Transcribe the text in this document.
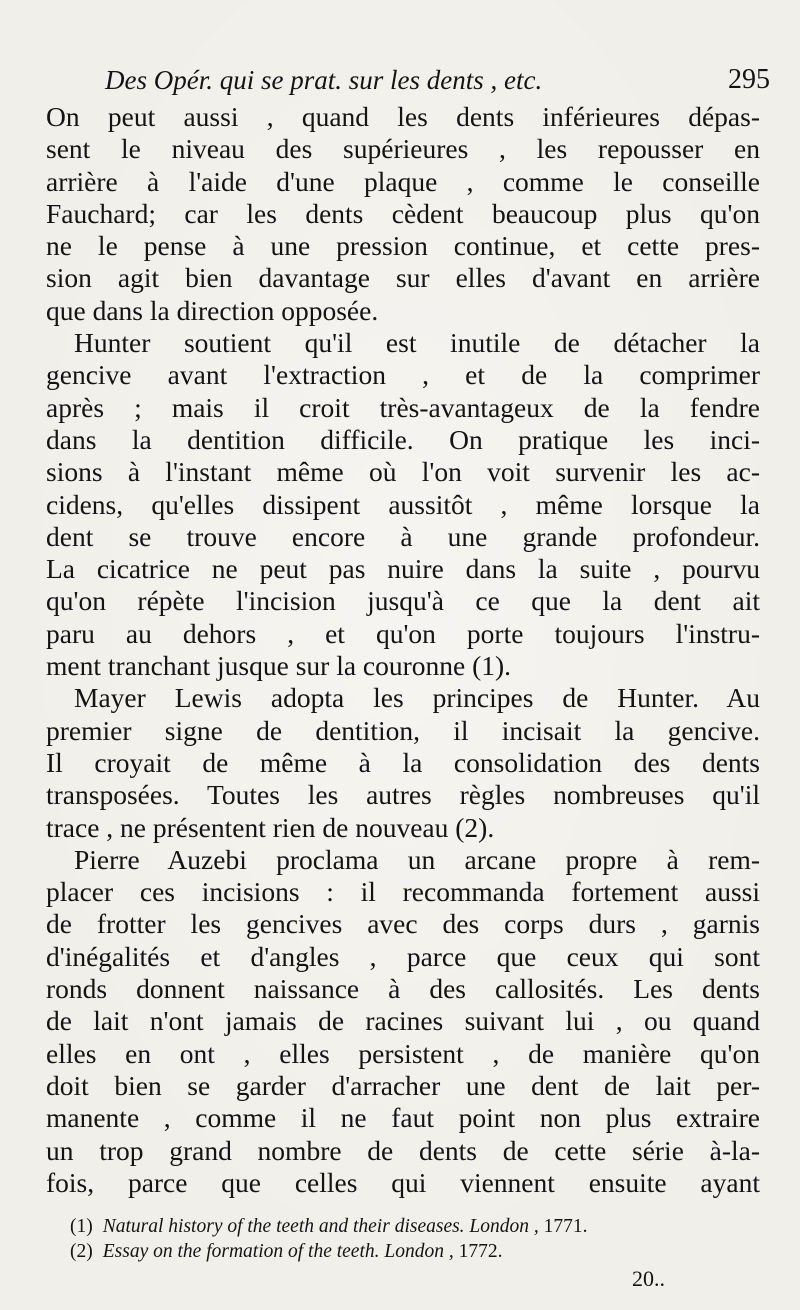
Des Opér. qui se prat. sur les dents , etc.	295
On peut aussi , quand les dents inférieures dépas-
sent le niveau des supérieures , les repousser en
arrière à l'aide d'une plaque , comme le conseille
Fauchard; car les dents cèdent beaucoup plus qu'on
ne le pense à une pression continue, et cette pres-
sion agit bien davantage sur elles d'avant en arrière
que dans la direction opposée.
Hunter soutient qu'il est inutile de détacher la
gencive avant l'extraction , et de la comprimer
après ; mais il croit très-avantageux de la fendre
dans la dentition difficile. On pratique les inci-
sions à l'instant même où l'on voit survenir les ac-
cidens, qu'elles dissipent aussitôt , même lorsque la
dent se trouve encore à une grande profondeur.
La cicatrice ne peut pas nuire dans la suite , pourvu
qu'on répète l'incision jusqu'à ce que la dent ait
paru au dehors , et qu'on porte toujours l'instru-
ment tranchant jusque sur la couronne (1).
Mayer Lewis adopta les principes de Hunter. Au
premier signe de dentition, il incisait la gencive.
Il croyait de même à la consolidation des dents
transposées. Toutes les autres règles nombreuses qu'il
trace , ne présentent rien de nouveau (2).
Pierre Auzebi proclama un arcane propre à rem-
placer ces incisions : il recommanda fortement aussi
de frotter les gencives avec des corps durs , garnis
d'inégalités et d'angles , parce que ceux qui sont
ronds donnent naissance à des callosités. Les dents
de lait n'ont jamais de racines suivant lui , ou quand
elles en ont , elles persistent , de manière qu'on
doit bien se garder d'arracher une dent de lait per-
manente , comme il ne faut point non plus extraire
un trop grand nombre de dents de cette série à-la-
fois, parce que celles qui viennent ensuite ayant
(1) Natural history of the teeth and their diseases. London , 1771.
(2) Essay on the formation of the teeth. London , 1772.
20..
